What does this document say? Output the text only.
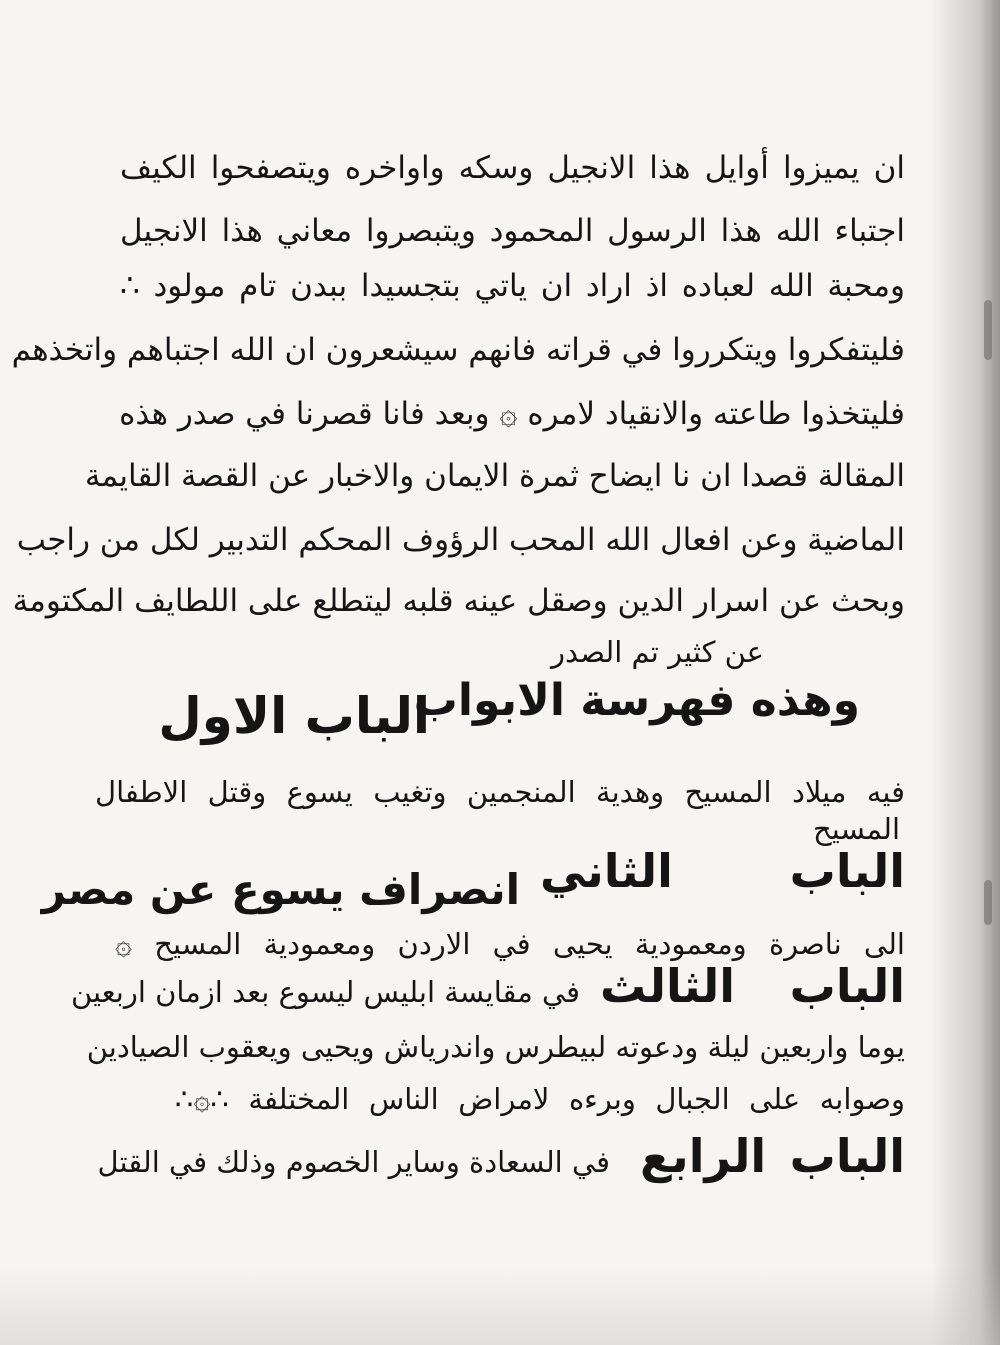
ان يميزوا أوايل هذا الانجيل وسكه واواخره ويتصفحوا الكيف
اجتباء الله هذا الرسول المحمود ويتبصروا معاني هذا الانجيل
ومحبة الله لعباده اذ اراد ان ياتي بتجسيدا ببدن تام مولود ∴
فليتفكروا ويتكرروا في قراته فانهم سيشعرون ان الله اجتباهم واتخذهم
فليتخذوا طاعته والانقياد لامره ۞ وبعد فانا قصرنا في صدر هذه
المقالة قصدا ان نا ايضاح ثمرة الايمان والاخبار عن القصة القايمة
الماضية وعن افعال الله المحب الرؤوف المحكم التدبير لكل من راجب
وبحث عن اسرار الدين وصقل عينه قلبه ليتطلع على اللطايف المكتومة
عن كثير تم الصدر
وهذه فهرسة الابواب
الباب الاول
فيه ميلاد المسيح وهدية المنجمين وتغيب يسوع وقتل الاطفال
المسيح
الباب الثاني
انصراف يسوع عن مصر
الى ناصرة ومعمودية يحيى في الاردن ومعمودية المسيح ۞
الباب الثالث
في مقايسة ابليس ليسوع بعد ازمان اربعين
يوما واربعين ليلة ودعوته لبيطرس واندرياش ويحيى ويعقوب الصيادين
وصوابه على الجبال وبرءه لامراض الناس المختلفة ∴۞∴
الباب الرابع
في السعادة وساير الخصوم وذلك في القتل
